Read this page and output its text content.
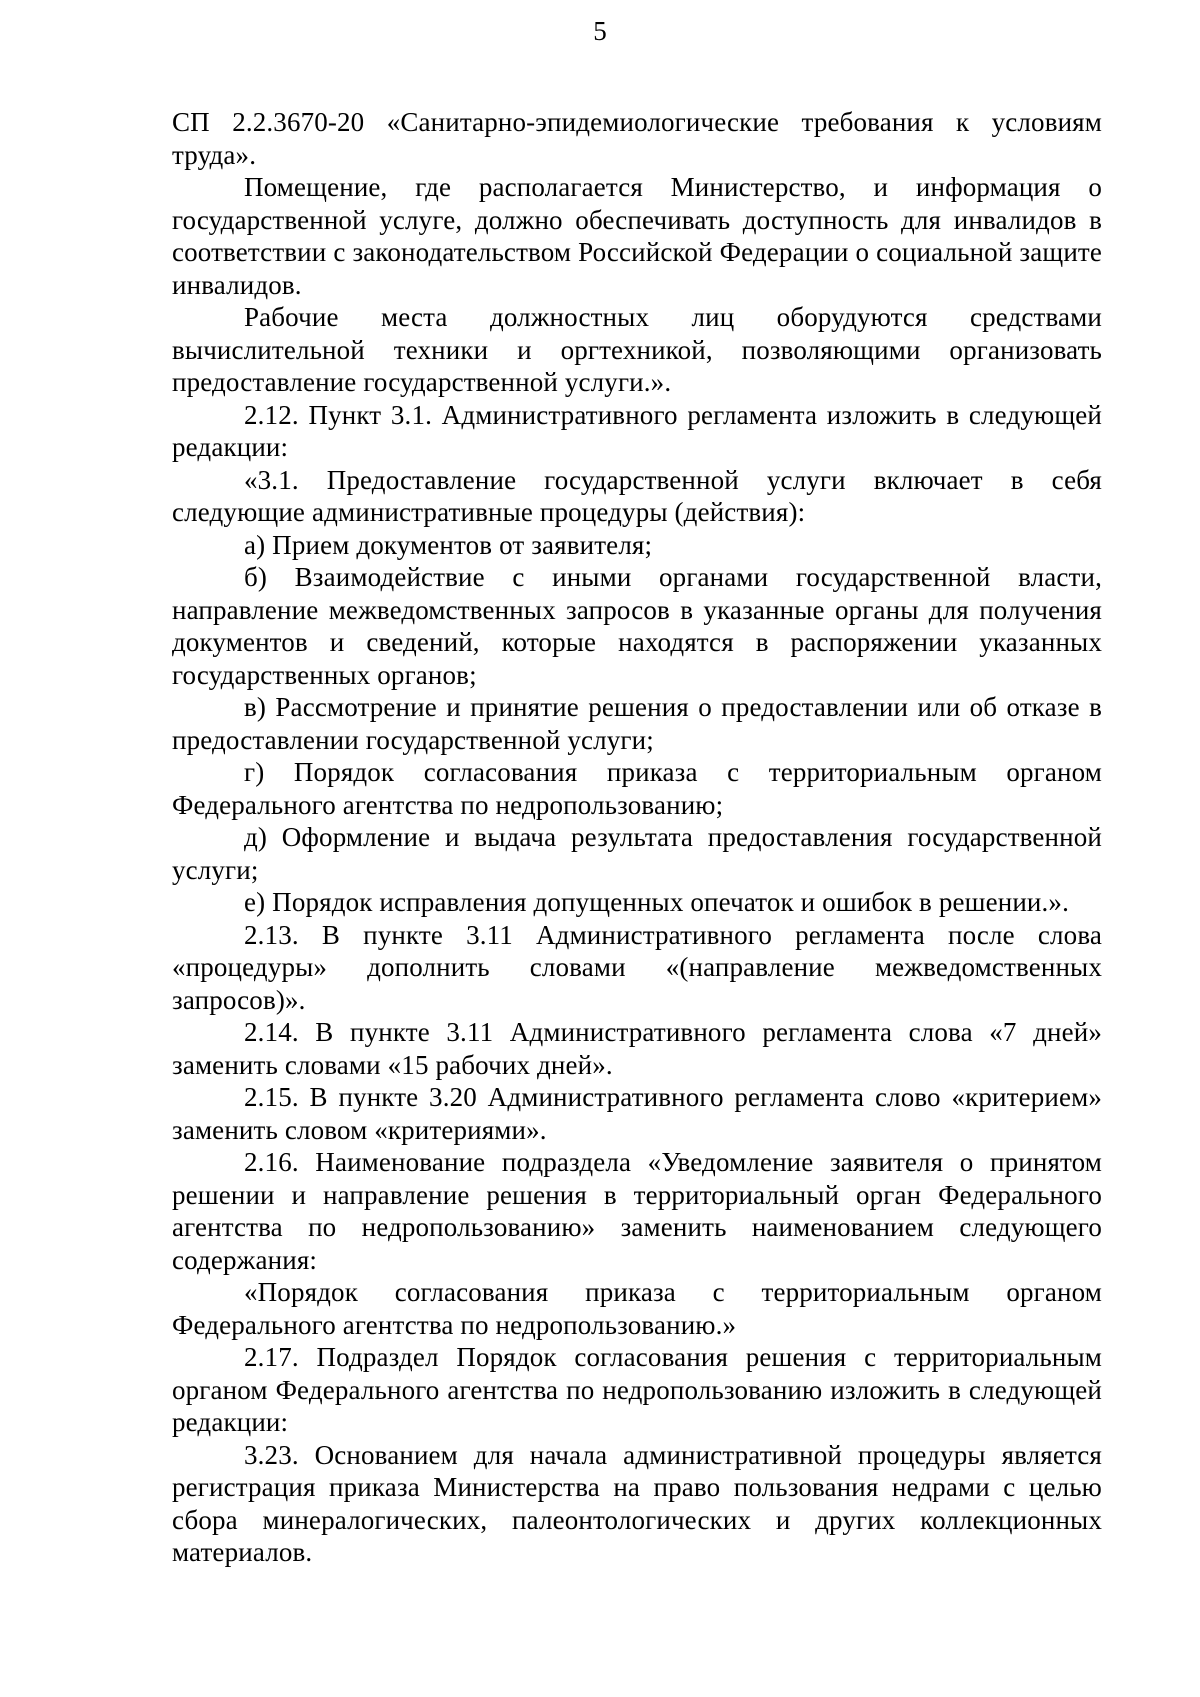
5

СП 2.2.3670-20 «Санитарно-эпидемиологические требования к условиям труда».

Помещение, где располагается Министерство, и информация о государственной услуге, должно обеспечивать доступность для инвалидов в соответствии с законодательством Российской Федерации о социальной защите инвалидов.

Рабочие места должностных лиц оборудуются средствами вычислительной техники и оргтехникой, позволяющими организовать предоставление государственной услуги.».

2.12. Пункт 3.1. Административного регламента изложить в следующей редакции:

«3.1. Предоставление государственной услуги включает в себя следующие административные процедуры (действия):

а) Прием документов от заявителя;

б) Взаимодействие с иными органами государственной власти, направление межведомственных запросов в указанные органы для получения документов и сведений, которые находятся в распоряжении указанных государственных органов;

в) Рассмотрение и принятие решения о предоставлении или об отказе в предоставлении государственной услуги;

г) Порядок согласования приказа с территориальным органом Федерального агентства по недропользованию;

д) Оформление и выдача результата предоставления государственной услуги;

е) Порядок исправления допущенных опечаток и ошибок в решении.».

2.13. В пункте 3.11 Административного регламента после слова «процедуры» дополнить словами «(направление межведомственных запросов)».

2.14. В пункте 3.11 Административного регламента слова «7 дней» заменить словами «15 рабочих дней».

2.15. В пункте 3.20 Административного регламента слово «критерием» заменить словом «критериями».

2.16. Наименование подраздела «Уведомление заявителя о принятом решении и направление решения в территориальный орган Федерального агентства по недропользованию» заменить наименованием следующего содержания:

«Порядок согласования приказа с территориальным органом Федерального агентства по недропользованию.»

2.17. Подраздел Порядок согласования решения с территориальным органом Федерального агентства по недропользованию изложить в следующей редакции:

3.23. Основанием для начала административной процедуры является регистрация приказа Министерства на право пользования недрами с целью сбора минералогических, палеонтологических и других коллекционных материалов.
